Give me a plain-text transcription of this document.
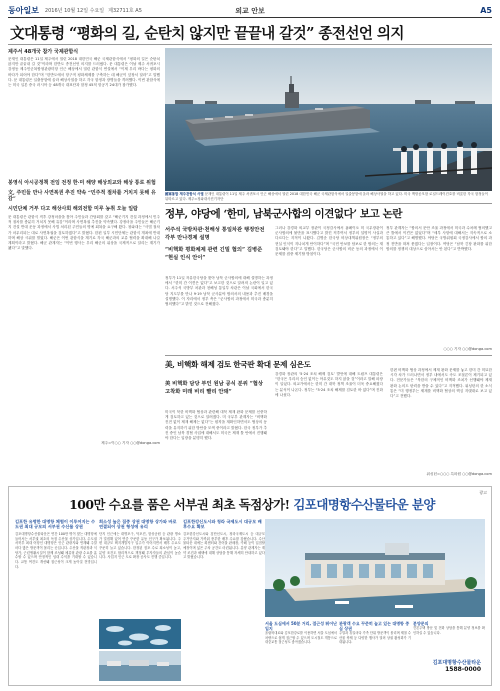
동아일보 2016년 10월 12일 수요일 제32711호 A5	외교 안보	A5
文대통령 “평화의 길, 순탄치 않지만 끝끝내 갈것” 종전선언 의지
제주서 48개국 참가 국제관함식
문재인 대통령은 11일 제주에서 열린 2018 대한민국 해군 국제관함식에서 “평화의 길은 순탄치 않지만 끝끝내 갈 것”이라며 한반도 종전선언 의지를 드러냈다. 문 대통령은 이날 제주 서귀포시 강정동 제주민군복합형관광미항 인근 해상에서 열린 관함식 연설에서 “이제 우리 바다는 평화의 바다가 되어야 한다”며 “한반도에서 항구적 평화체제를 구축하는 데 해군이 앞장서 달라”고 말했다. 문 대통령은 일출봉함에 올라 해상사열을 하고 각국 함정과 장병들을 격려했다. 이번 관함식에는 미국 일본 중국 러시아 등 48개국 대표단과 함정 45척 항공기 24대가 참가했다.
봉영식 아시공정책 전임 전정 한·미 해양 해상외교와 해상 통로 위험
文, 주민들 만나 사면복권 추진 약속 “민주적 절차를 거치지 못해 유감”
시민단체 거부 다고 해상사회 해외전함 미루 농취 오늘 일람
문 대통령은 관함식 직후 강정마을을 찾아 주민들과 간담회를 갖고 “해군기지 건설 과정에서 민주적 절차를 충분히 거치지 못해 유감”이라며 사면복권 추진을 약속했다. 강정마을 주민들은 해군기지 건설 반대 운동 과정에서 사법 처리된 주민들의 명예 회복을 요구해 왔다. 청와대는 “사법 절차가 마무리되는 대로 사면복권을 검토하겠다”고 밝혔다. 한편 일부 시민단체는 관함식 개최에 반대하며 해상 시위를 벌였다. 해군은 이번 관함식을 계기로 각국 해군과의 교류 협력을 확대해 나갈 계획이라고 밝혔다. 해군 관계자는 “이번 행사는 우리 해군의 위상을 국제적으로 알리는 계기가 됐다”고 말했다.
제주=이○○ 기자 ○○@donga.com
國軍통합 제주관함식 사열 문재인 대통령이 11일 제주 서귀포시 인근 해상에서 열린 2018 대한민국 해군 국제관함식에서 일출봉함에 올라 해상사열을 하고 있다. 미국 핵항공모함 로널드레이건호를 비롯한 각국 함정들이 뒤따르고 있다. 제주=청와대사진기자단
정부, 야당에 ‘한미, 남북군사합의 이견없다’ 보고 논란
서주석 국방차관·천해성 통일차관 행정안전 각부 만나경제 설명
“비핵화 평화체제 관련 긴밀 협의” 김병준 “현실 인식 안이”
정부가 11일 자유한국당을 찾아 남북 군사합의에 대해 설명하는 과정에서 “한미 간 이견은 없다”고 보고한 것으로 알려져 논란이 일고 있다. 서주석 국방부 차관과 천해성 통일부 차관은 이날 국회에서 한국당 지도부를 만나 9·19 남북 군사분야 합의서의 내용과 추진 배경을 설명했다. 이 자리에서 정부 측은 “군사합의 과정에서 미국과 충분히 협의했다”고 밝힌 것으로 전해졌다.
그러나 강경화 외교부 장관이 국정감사에서 폼페이오 미 국무장관이 군사합의에 불만을 표시했다고 밝힌 직후여서 정부의 설명이 사실과 다르다는 지적이 나왔다. 김병준 한국당 비상대책위원장은 “정부의 현실 인식이 지나치게 안이하다”며 “국민 안보를 담보로 한 합의는 재검토돼야 한다”고 말했다. 한국당은 군사합의 비준 동의 과정에서 이 문제를 집중 제기할 방침이다.
정부 관계자는 “합의서 문안 조율 과정에서 미국과 수차례 협의했고 큰 틀에서 이견은 없었다”며 “세부 사항에 대해서는 지속적으로 소통하고 있다”고 해명했다. 야당은 국방위원회 국정감사에서 합의 과정 전반을 따져 묻겠다는 입장이다. 여당은 “남북 긴장 완화를 위한 합의를 정쟁의 대상으로 삼아서는 안 된다”고 반박했다.
○○○ 기자 ○○@donga.com
美, 비핵화 해제 검토 한국판 확대 문제 심은도
美 비핵화 담당 부인 원남 공식 분위 “협상 고착화 미래 비리 빨리 안돼”
미국이 북한 비핵화 협상과 관련해 대북 제재 완화 문제를 신중하게 검토하고 있는 것으로 알려졌다. 미 국무부 관계자는 “비핵화 진전 없이 제재 해제는 없다”는 원칙을 재확인하면서도 협상의 동력을 유지하기 위한 방안을 모색 중이라고 밝혔다. 한국 정부가 추진 중인 남북 경협 사업에 대해서도 미국은 제재 틀 안에서 진행돼야 한다는 입장을 분명히 했다.
강경화 장관의 ‘5·24 조치 해제 검토’ 발언에 대해 트럼프 대통령은 “한국은 우리의 승인 없이는 아무것도 하지 않을 것”이라고 말해 파장이 일었다. 외교가에서는 한미 간 대북 정책 조율이 더욱 중요해졌다는 분석이 나온다. 정부는 “5·24 조치 해제를 검토한 바 없다”며 진화에 나섰다.
한편 비핵화 협상 과정에서 제재 완화 문제를 놓고 한미 간 미묘한 시각 차가 드러나면서 정부 내에서도 속도 조절론이 제기되고 있다. 전문가들은 “북한의 구체적인 비핵화 조치가 선행돼야 제재 완화 논의도 탄력을 받을 수 있다”고 지적했다. 워싱턴의 한 소식통은 “미 행정부는 제재를 비핵화 협상의 핵심 지렛대로 보고 있다”고 전했다.
워싱턴=○○○ 특파원 ○○@donga.com
광고
100만 수요를 품은 서부권 최초 독점상가! 김포대명항수산물타운 분양
김포한 유명한 대명항 체험이 이루어지는 수도권 최대 규모의 서부권 수산물 상권
김포대명항수산물타운은 연간 100만 명이 찾는 대명항에 들어서는 서부권 최초의 독점 수산물 상가입니다. 수도권 서북부 최대 어항인 대명항은 인근 관광지와 연계돼 주말마다 많은 방문객이 몰리는 곳입니다. 수산물 직판장과 식당가, 근린생활시설이 함께 조성돼 체류형 관광 수요를 흡수할 수 있으며 안정적인 임대 수익을 기대할 수 있습니다. 교통 여건도 개선돼 접근성이 크게 높아질 전망입니다.
희소성 높은 집중 상권 대명항 상가와 바로 연결되어 상권 형성에 유리
단지 인근에는 대명포구, 덕포진, 함상공원 등 관광 명소가 밀집해 있어 연중 꾸준한 유동 인구가 확보됩니다. 주변 대규모 택지개발지구 입주가 이어지면서 배후 수요도 꾸준히 늘고 있습니다. 한정된 점포 수로 희소성이 높고, 분양 조건도 합리적으로 책정돼 투자자들의 관심이 높습니다. 사업지 인근 도로 확장 공사도 진행 중입니다.
김포한강신도시와 청라 국제도시 대규모 배후수요 확보
김포한강신도시와 검단신도시, 청라국제도시 등 대규모 주거단지와 가까워 풍부한 배후 수요를 갖췄습니다. 수산물타운 내에는 회센터와 건어물 판매장, 카페 등이 입점할 예정이며 넓은 주차 공간도 마련됩니다. 분양 관계자는 계약 조건과 혜택에 대해 상담을 통해 자세히 안내하고 있다고 밝혔습니다.
서울 도심에서 50분 거리, 접근성 뛰어난 입지
올림픽대로와 김포한강로를 이용하면 서울 도심에서 차량으로 쉽게 접근할 수 있으며 도시철도 개통으로 대중교통 접근성도 좋아졌습니다.
관광객 수요 꾸준히 늘고 있는 대명항 중심 상권
주말과 휴일마다 가족 단위 방문객이 몰리며 제철 수산물 축제 등 다양한 행사가 열려 상권 활성화가 기대됩니다.
분양문의
견본주택 방문 및 전화 상담을 통해 분양 정보를 확인하실 수 있습니다.
김포대명항수산물타운
1588-0000
